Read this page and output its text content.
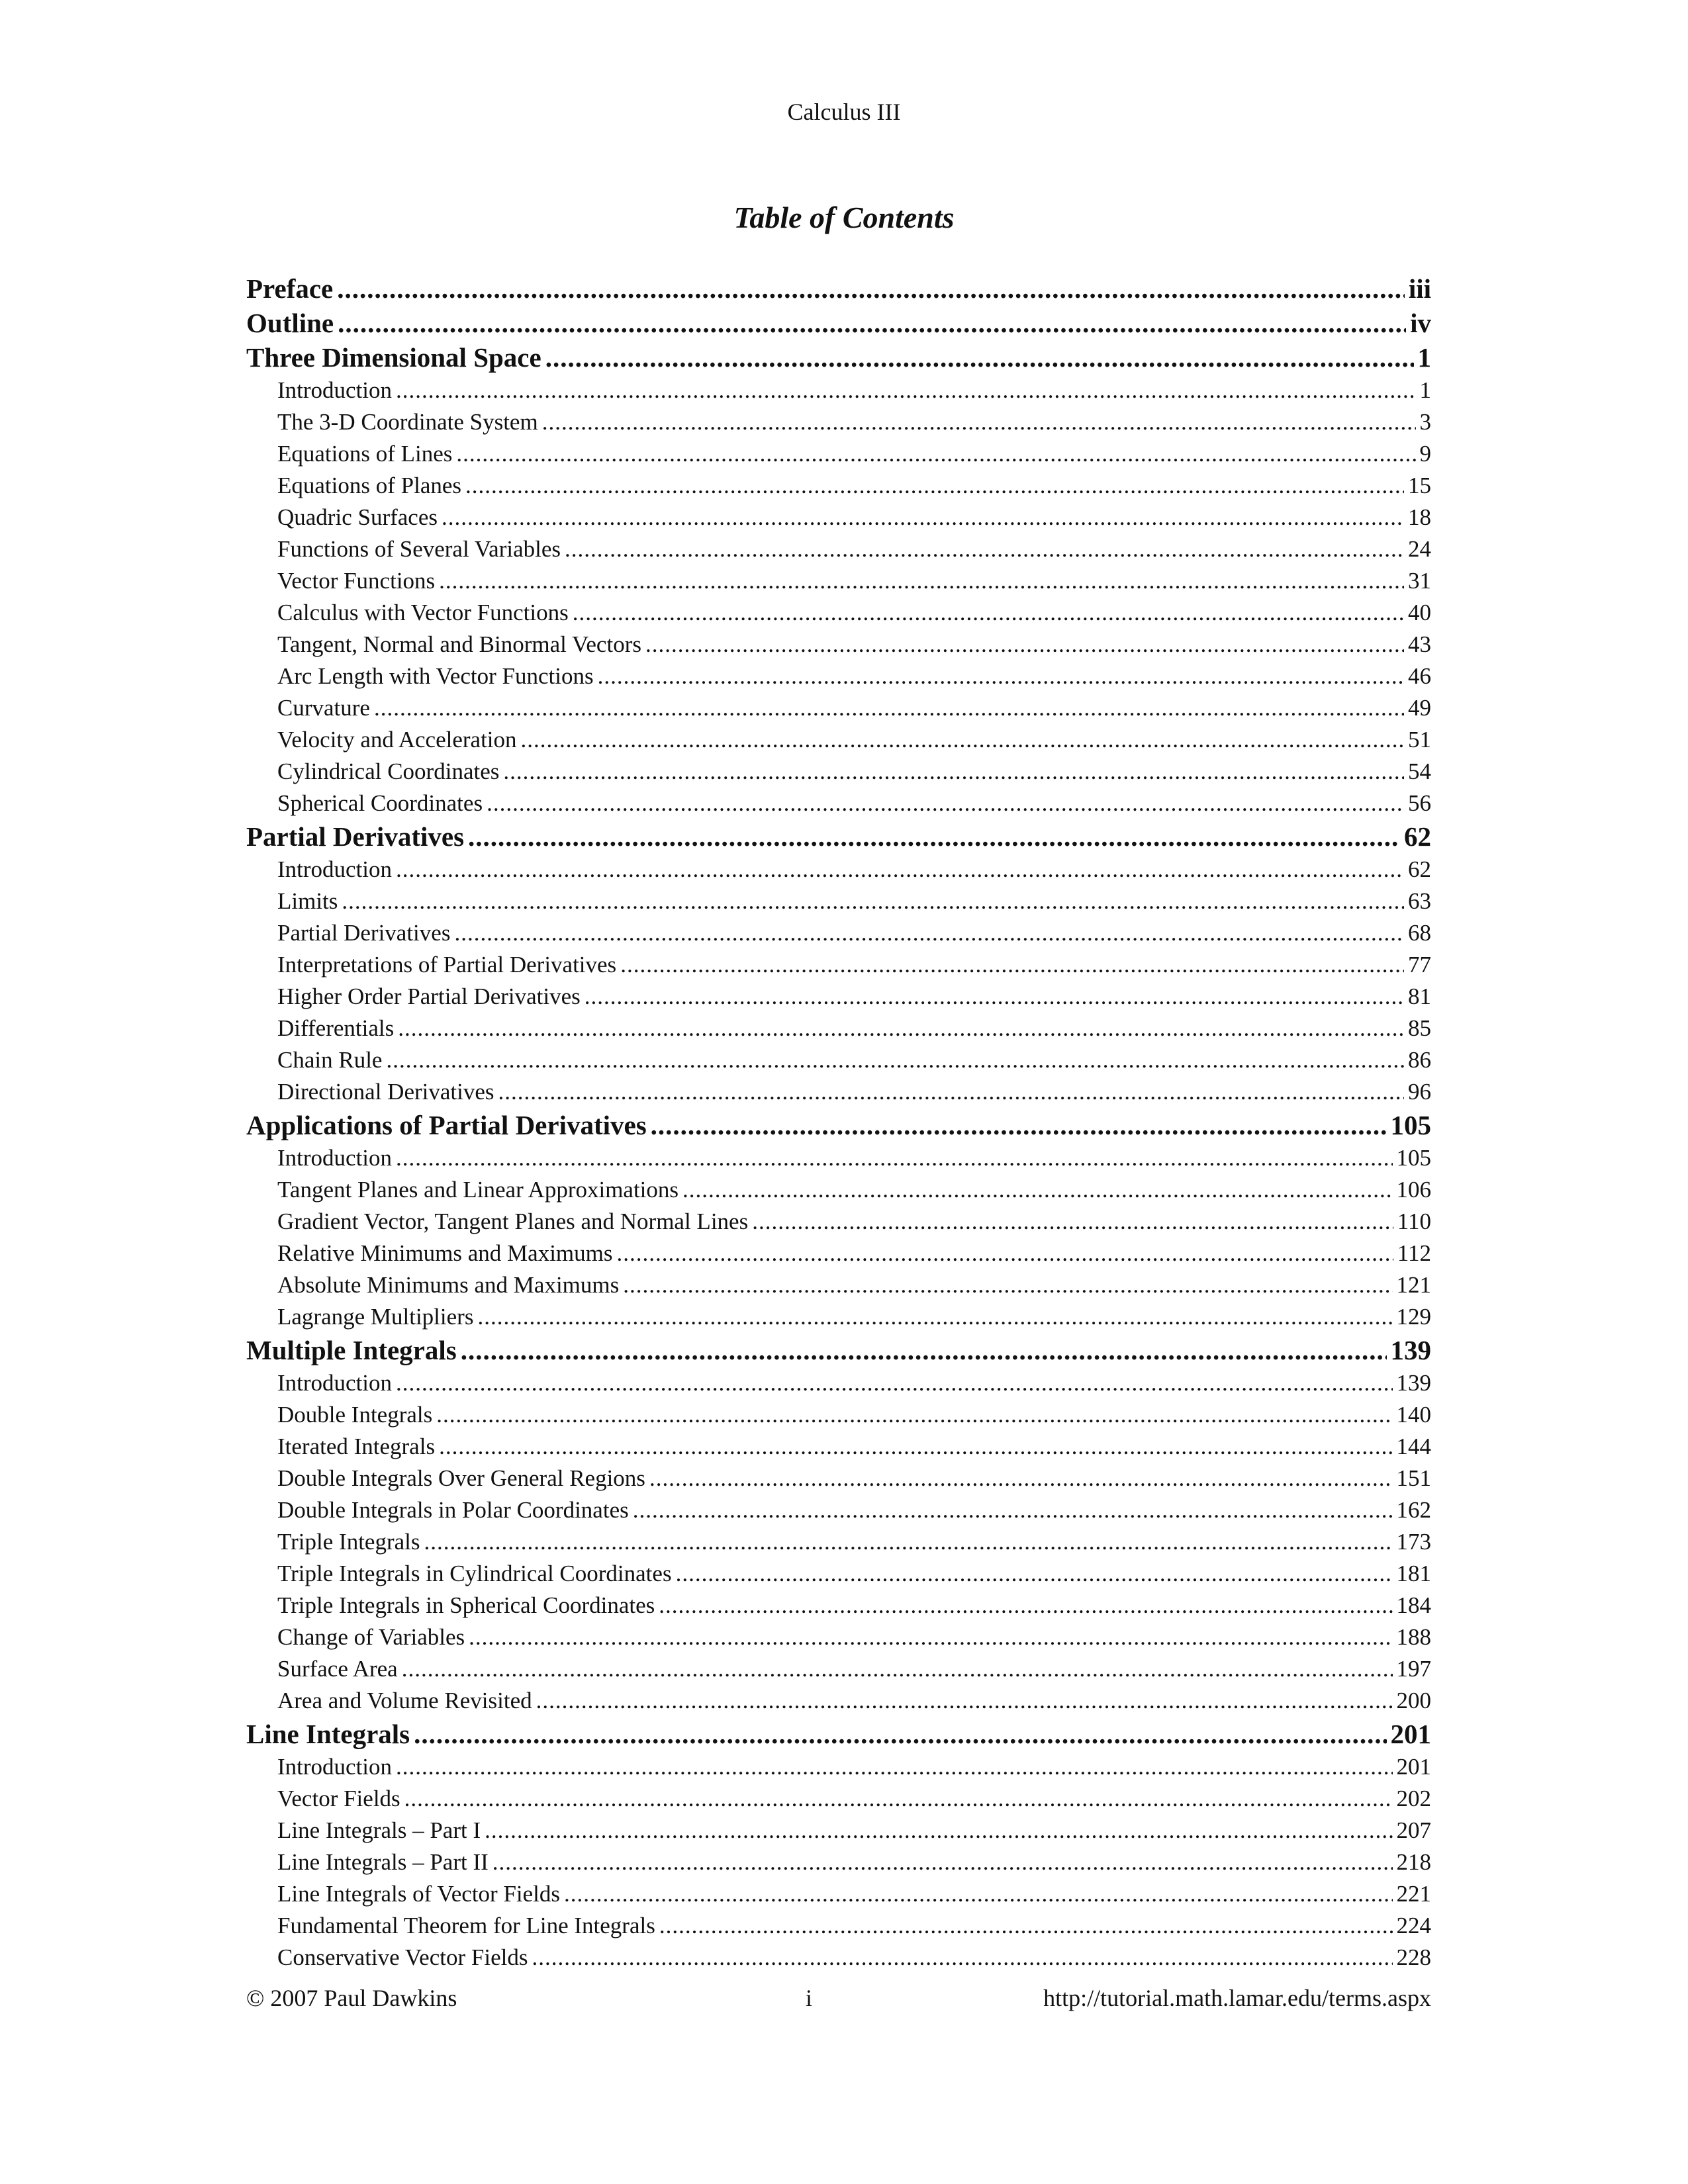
Calculus III
Table of Contents
Preface .....	iii
Outline .....	iv
Three Dimensional Space .....	1
Introduction .....	1
The 3-D Coordinate System .....	3
Equations of Lines .....	9
Equations of Planes .....	15
Quadric Surfaces .....	18
Functions of Several Variables .....	24
Vector Functions .....	31
Calculus with Vector Functions .....	40
Tangent, Normal and Binormal Vectors .....	43
Arc Length with Vector Functions .....	46
Curvature .....	49
Velocity and Acceleration .....	51
Cylindrical Coordinates .....	54
Spherical Coordinates .....	56
Partial Derivatives .....	62
Introduction .....	62
Limits .....	63
Partial Derivatives .....	68
Interpretations of Partial Derivatives .....	77
Higher Order Partial Derivatives .....	81
Differentials .....	85
Chain Rule .....	86
Directional Derivatives .....	96
Applications of Partial Derivatives .....	105
Introduction .....	105
Tangent Planes and Linear Approximations .....	106
Gradient Vector, Tangent Planes and Normal Lines .....	110
Relative Minimums and Maximums .....	112
Absolute Minimums and Maximums .....	121
Lagrange Multipliers .....	129
Multiple Integrals .....	139
Introduction .....	139
Double Integrals .....	140
Iterated Integrals .....	144
Double Integrals Over General Regions .....	151
Double Integrals in Polar Coordinates .....	162
Triple Integrals .....	173
Triple Integrals in Cylindrical Coordinates .....	181
Triple Integrals in Spherical Coordinates .....	184
Change of Variables .....	188
Surface Area .....	197
Area and Volume Revisited .....	200
Line Integrals .....	201
Introduction .....	201
Vector Fields .....	202
Line Integrals – Part I .....	207
Line Integrals – Part II .....	218
Line Integrals of Vector Fields .....	221
Fundamental Theorem for Line Integrals .....	224
Conservative Vector Fields .....	228
© 2007 Paul Dawkins	i	http://tutorial.math.lamar.edu/terms.aspx
